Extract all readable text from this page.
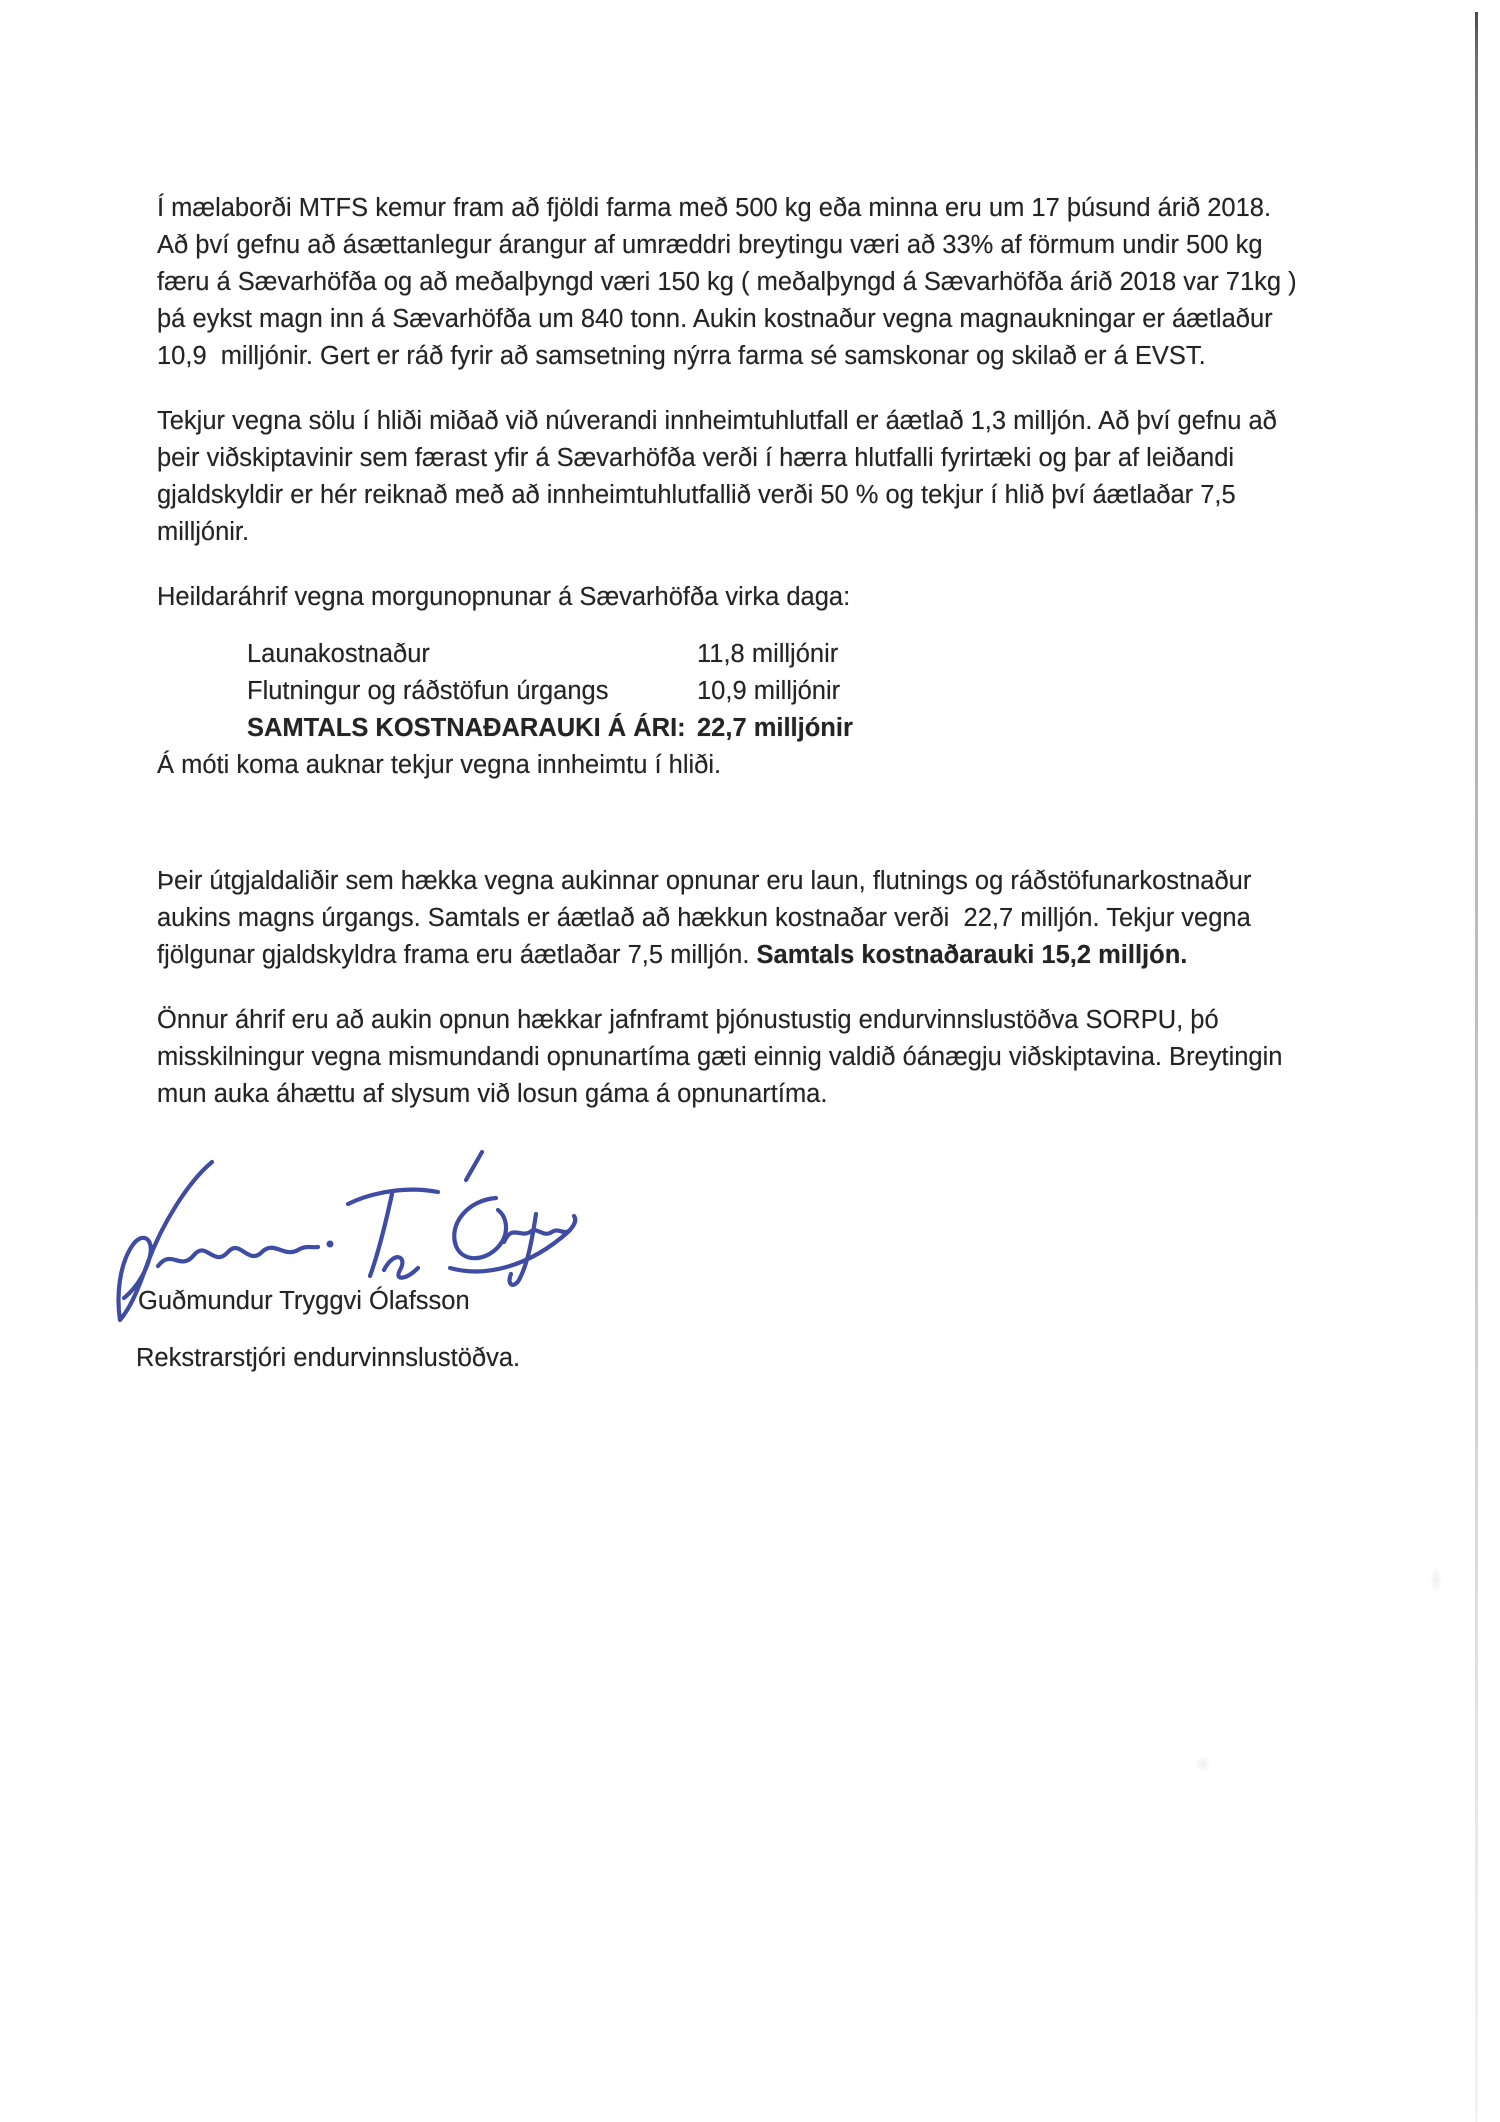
Í mælaborði MTFS kemur fram að fjöldi farma með 500 kg eða minna eru um 17 þúsund árið 2018.
Að því gefnu að ásættanlegur árangur af umræddri breytingu væri að 33% af förmum undir 500 kg
færu á Sævarhöfða og að meðalþyngd væri 150 kg ( meðalþyngd á Sævarhöfða árið 2018 var 71kg )
þá eykst magn inn á Sævarhöfða um 840 tonn. Aukin kostnaður vegna magnaukningar er áætlaður
10,9  milljónir. Gert er ráð fyrir að samsetning nýrra farma sé samskonar og skilað er á EVST.
Tekjur vegna sölu í hliði miðað við núverandi innheimtuhlutfall er áætlað 1,3 milljón. Að því gefnu að
þeir viðskiptavinir sem færast yfir á Sævarhöfða verði í hærra hlutfalli fyrirtæki og þar af leiðandi
gjaldskyldir er hér reiknað með að innheimtuhlutfallið verði 50 % og tekjur í hlið því áætlaðar 7,5
milljónir.
Heildaráhrif vegna morgunopnunar á Sævarhöfða virka daga:
Launakostnaður	11,8 milljónir
Flutningur og ráðstöfun úrgangs	10,9 milljónir
SAMTALS KOSTNAÐARAUKI Á ÁRI: 22,7 milljónir
Á móti koma auknar tekjur vegna innheimtu í hliði.
Þeir útgjaldaliðir sem hækka vegna aukinnar opnunar eru laun, flutnings og ráðstöfunarkostnaður
aukins magns úrgangs. Samtals er áætlað að hækkun kostnaðar verði  22,7 milljón. Tekjur vegna
fjölgunar gjaldskyldra frama eru áætlaðar 7,5 milljón. Samtals kostnaðarauki 15,2 milljón.
Önnur áhrif eru að aukin opnun hækkar jafnframt þjónustustig endurvinnslustöðva SORPU, þó
misskilningur vegna mismundandi opnunartíma gæti einnig valdið óánægju viðskiptavina. Breytingin
mun auka áhættu af slysum við losun gáma á opnunartíma.
Guðmundur Tryggvi Ólafsson
Rekstrarstjóri endurvinnslustöðva.
